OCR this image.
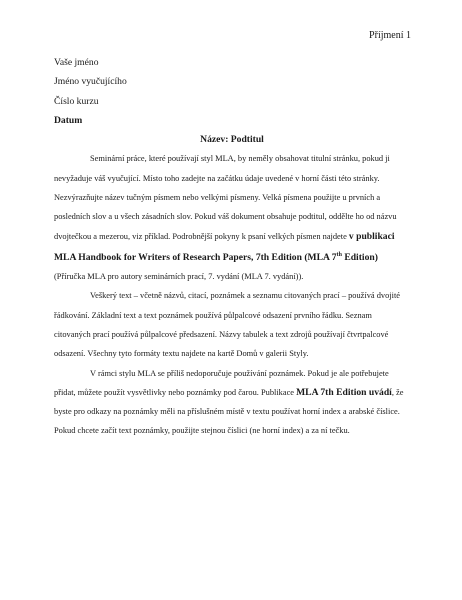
Příjmení 1

Vaše jméno

Jméno vyučujícího

Číslo kurzu

Datum

Název: Podtitul

Seminární práce, které používají styl MLA, by neměly obsahovat titulní stránku, pokud ji nevyžaduje váš vyučující. Místo toho zadejte na začátku údaje uvedené v horní části této stránky. Nezvýrazňujte název tučným písmem nebo velkými písmeny. Velká písmena použijte u prvních a posledních slov a u všech zásadních slov. Pokud váš dokument obsahuje podtitul, oddělte ho od názvu dvojtečkou a mezerou, viz příklad. Podrobnější pokyny k psaní velkých písmen najdete v publikaci MLA Handbook for Writers of Research Papers, 7th Edition (MLA 7th Edition) (Příručka MLA pro autory seminárních prací, 7. vydání (MLA 7. vydání)).

Veškerý text – včetně názvů, citací, poznámek a seznamu citovaných prací – používá dvojité řádkování. Základní text a text poznámek používá půlpalcové odsazení prvního řádku. Seznam citovaných prací používá půlpalcové předsazení. Názvy tabulek a text zdrojů používají čtvrtpalcové odsazení. Všechny tyto formáty textu najdete na kartě Domů v galerii Styly.

V rámci stylu MLA se příliš nedoporučuje používání poznámek. Pokud je ale potřebujete přidat, můžete použít vysvětlivky nebo poznámky pod čarou. Publikace MLA 7th Edition uvádí, že byste pro odkazy na poznámky měli na příslušném místě v textu používat horní index a arabské číslice. Pokud chcete začít text poznámky, použijte stejnou číslici (ne horní index) a za ní tečku.
